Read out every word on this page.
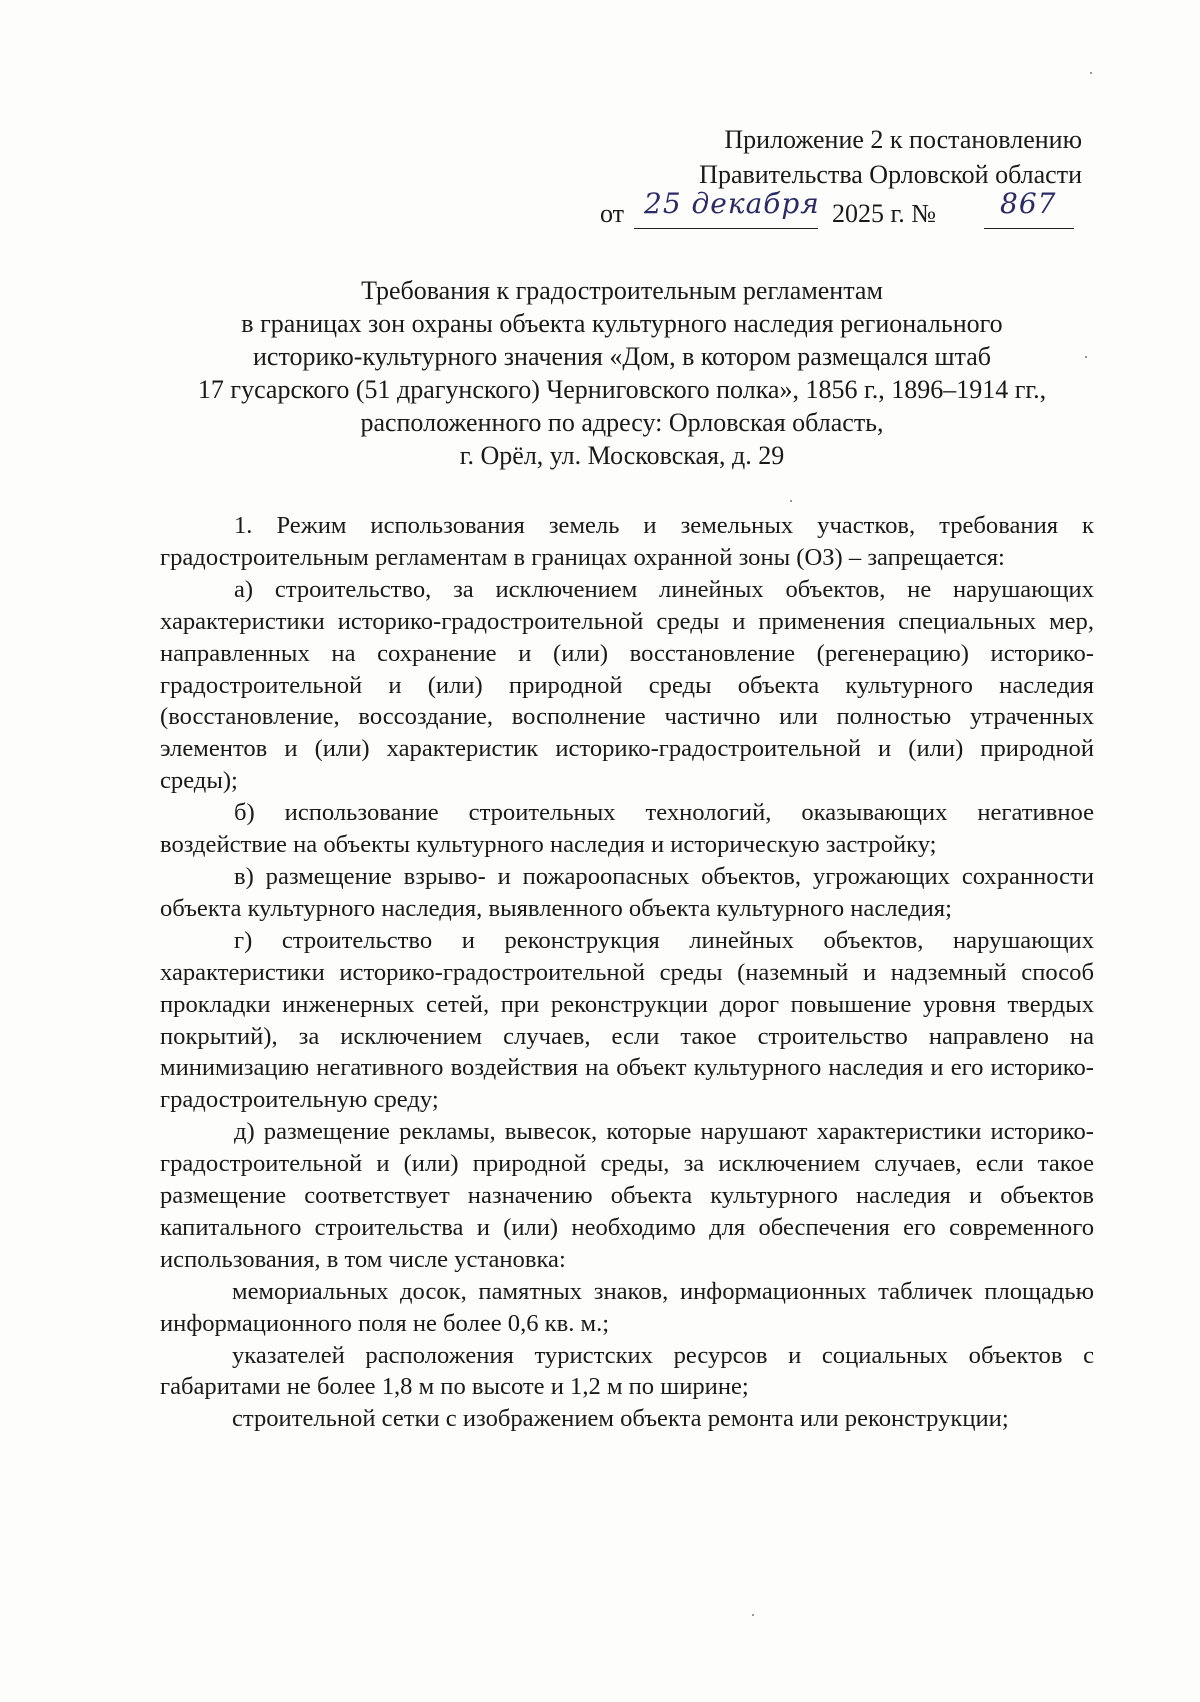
Приложение 2 к постановлению
Правительства Орловской области
от 25 декабря 2025 г. № 867
Требования к градостроительным регламентам
в границах зон охраны объекта культурного наследия регионального
историко-культурного значения «Дом, в котором размещался штаб
17 гусарского (51 драгунского) Черниговского полка», 1856 г., 1896–1914 гг.,
расположенного по адресу: Орловская область,
г. Орёл, ул. Московская, д. 29

1. Режим использования земель и земельных участков, требования к градостроительным регламентам в границах охранной зоны (ОЗ) – запрещается:

а) строительство, за исключением линейных объектов, не нарушающих характеристики историко-градостроительной среды и применения специальных мер, направленных на сохранение и (или) восстановление (регенерацию) историко- градостроительной и (или) природной среды объекта культурного наследия (восстановление, воссоздание, восполнение частично или полностью утраченных элементов и (или) характеристик историко-градостроительной и (или) природной среды);

б) использование строительных технологий, оказывающих негативное воздействие на объекты культурного наследия и историческую застройку;

в) размещение взрыво- и пожароопасных объектов, угрожающих сохранности объекта культурного наследия, выявленного объекта культурного наследия;

г) строительство и реконструкция линейных объектов, нарушающих характеристики историко-градостроительной среды (наземный и надземный способ прокладки инженерных сетей, при реконструкции дорог повышение уровня твердых покрытий), за исключением случаев, если такое строительство направлено на минимизацию негативного воздействия на объект культурного наследия и его историко-градостроительную среду;

д) размещение рекламы, вывесок, которые нарушают характеристики историко-градостроительной и (или) природной среды, за исключением случаев, если такое размещение соответствует назначению объекта культурного наследия и объектов капитального строительства и (или) необходимо для обеспечения его современного использования, в том числе установка:

мемориальных досок, памятных знаков, информационных табличек площадью информационного поля не более 0,6 кв. м.;

указателей расположения туристских ресурсов и социальных объектов с габаритами не более 1,8 м по высоте и 1,2 м по ширине;

строительной сетки с изображением объекта ремонта или реконструкции;
